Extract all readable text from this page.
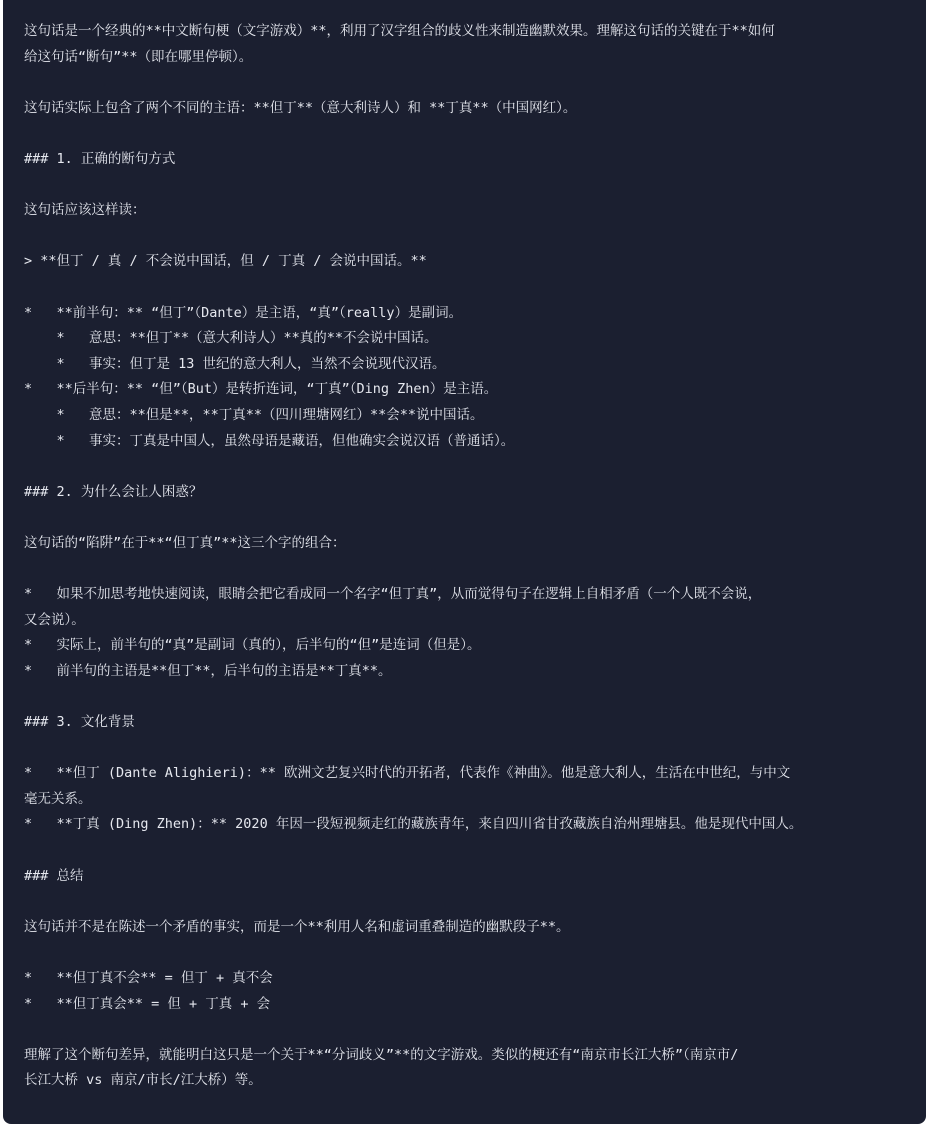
这句话是一个经典的**中文断句梗（文字游戏）**，利用了汉字组合的歧义性来制造幽默效果。理解这句话的关键在于**如何
给这句话“断句”**（即在哪里停顿）。
这句话实际上包含了两个不同的主语：**但丁**（意大利诗人）和 **丁真**（中国网红）。
### 1. 正确的断句方式
这句话应该这样读：
> **但丁 / 真 / 不会说中国话，但 / 丁真 / 会说中国话。**
*   **前半句：** “但丁”（Dante）是主语，“真”（really）是副词。
*   意思：**但丁**（意大利诗人）**真的**不会说中国话。
*   事实：但丁是 13 世纪的意大利人，当然不会说现代汉语。
*   **后半句：** “但”（But）是转折连词，“丁真”（Ding Zhen）是主语。
*   意思：**但是**，**丁真**（四川理塘网红）**会**说中国话。
*   事实：丁真是中国人，虽然母语是藏语，但他确实会说汉语（普通话）。
### 2. 为什么会让人困惑？
这句话的“陷阱”在于**“但丁真”**这三个字的组合：
*   如果不加思考地快速阅读，眼睛会把它看成同一个名字“但丁真”，从而觉得句子在逻辑上自相矛盾（一个人既不会说，
又会说）。
*   实际上，前半句的“真”是副词（真的），后半句的“但”是连词（但是）。
*   前半句的主语是**但丁**，后半句的主语是**丁真**。
### 3. 文化背景
*   **但丁 (Dante Alighieri)：** 欧洲文艺复兴时代的开拓者，代表作《神曲》。他是意大利人，生活在中世纪，与中文
毫无关系。
*   **丁真 (Ding Zhen)：** 2020 年因一段短视频走红的藏族青年，来自四川省甘孜藏族自治州理塘县。他是现代中国人。
### 总结
这句话并不是在陈述一个矛盾的事实，而是一个**利用人名和虚词重叠制造的幽默段子**。
*   **但丁真不会** = 但丁 + 真不会
*   **但丁真会** = 但 + 丁真 + 会
理解了这个断句差异，就能明白这只是一个关于**“分词歧义”**的文字游戏。类似的梗还有“南京市长江大桥”（南京市/
长江大桥 vs 南京/市长/江大桥）等。
